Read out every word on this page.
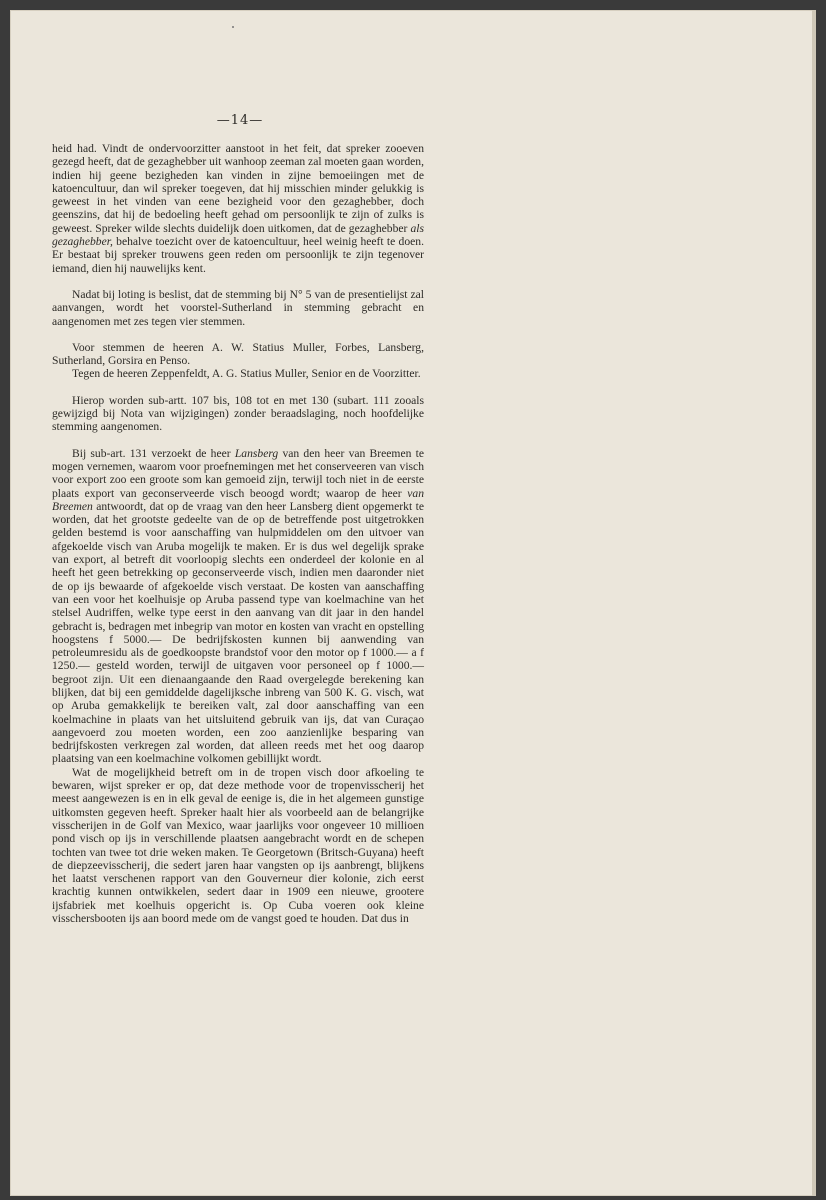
—14—

heid had. Vindt de ondervoorzitter aanstoot in het feit, dat spreker zooeven gezegd heeft, dat de gezaghebber uit wanhoop zeeman zal moeten gaan worden, indien hij geene bezigheden kan vinden in zijne bemoeiingen met de katoencultuur, dan wil spreker toegeven, dat hij misschien minder gelukkig is geweest in het vinden van eene bezigheid voor den gezaghebber, doch geenszins, dat hij de bedoeling heeft gehad om persoonlijk te zijn of zulks is geweest. Spreker wilde slechts duidelijk doen uitkomen, dat de gezaghebber als gezaghebber, behalve toezicht over de katoencultuur, heel weinig heeft te doen. Er bestaat bij spreker trouwens geen reden om persoonlijk te zijn tegenover iemand, dien hij nauwelijks kent.

Nadat bij loting is beslist, dat de stemming bij N° 5 van de presentielijst zal aanvangen, wordt het voorstel-Sutherland in stemming gebracht en aangenomen met zes tegen vier stemmen.

Voor stemmen de heeren A. W. Statius Muller, Forbes, Lansberg, Sutherland, Gorsira en Penso.

Tegen de heeren Zeppenfeldt, A. G. Statius Muller, Senior en de Voorzitter.

Hierop worden sub-artt. 107 bis, 108 tot en met 130 (subart. 111 zooals gewijzigd bij Nota van wijzigingen) zonder beraadslaging, noch hoofdelijke stemming aangenomen.

Bij sub-art. 131 verzoekt de heer Lansberg van den heer van Breemen te mogen vernemen, waarom voor proefnemingen met het conserveeren van visch voor export zoo een groote som kan gemoeid zijn, terwijl toch niet in de eerste plaats export van geconserveerde visch beoogd wordt; waarop de heer van Breemen antwoordt, dat op de vraag van den heer Lansberg dient opgemerkt te worden, dat het grootste gedeelte van de op de betreffende post uitgetrokken gelden bestemd is voor aanschaffing van hulpmiddelen om den uitvoer van afgekoelde visch van Aruba mogelijk te maken. Er is dus wel degelijk sprake van export, al betreft dit voorloopig slechts een onderdeel der kolonie en al heeft het geen betrekking op geconserveerde visch, indien men daaronder niet de op ijs bewaarde of afgekoelde visch verstaat. De kosten van aanschaffing van een voor het koelhuisje op Aruba passend type van koelmachine van het stelsel Audriffen, welke type eerst in den aanvang van dit jaar in den handel gebracht is, bedragen met inbegrip van motor en kosten van vracht en opstelling hoogstens f 5000.— De bedrijfskosten kunnen bij aanwending van petroleumresidu als de goedkoopste brandstof voor den motor op f 1000.— a f 1250.— gesteld worden, terwijl de uitgaven voor personeel op f 1000.— begroot zijn. Uit een dienaangaande den Raad overgelegde berekening kan blijken, dat bij een gemiddelde dagelijksche inbreng van 500 K. G. visch, wat op Aruba gemakkelijk te bereiken valt, zal door aanschaffing van een koelmachine in plaats van het uitsluitend gebruik van ijs, dat van Curaçao aangevoerd zou moeten worden, een zoo aanzienlijke besparing van bedrijfskosten verkregen zal worden, dat alleen reeds met het oog daarop plaatsing van een koelmachine volkomen gebillijkt wordt.

Wat de mogelijkheid betreft om in de tropen visch door afkoeling te bewaren, wijst spreker er op, dat deze methode voor de tropenvisscherij het meest aangewezen is en in elk geval de eenige is, die in het algemeen gunstige uitkomsten gegeven heeft. Spreker haalt hier als voorbeeld aan de belangrijke visscherijen in de Golf van Mexico, waar jaarlijks voor ongeveer 10 millioen pond visch op ijs in verschillende plaatsen aangebracht wordt en de schepen tochten van twee tot drie weken maken. Te Georgetown (Britsch-Guyana) heeft de diepzeevisscherij, die sedert jaren haar vangsten op ijs aanbrengt, blijkens het laatst verschenen rapport van den Gouverneur dier kolonie, zich eerst krachtig kunnen ontwikkelen, sedert daar in 1909 een nieuwe, grootere ijsfabriek met koelhuis opgericht is. Op Cuba voeren ook kleine visschersbooten ijs aan boord mede om de vangst goed te houden. Dat dus in
